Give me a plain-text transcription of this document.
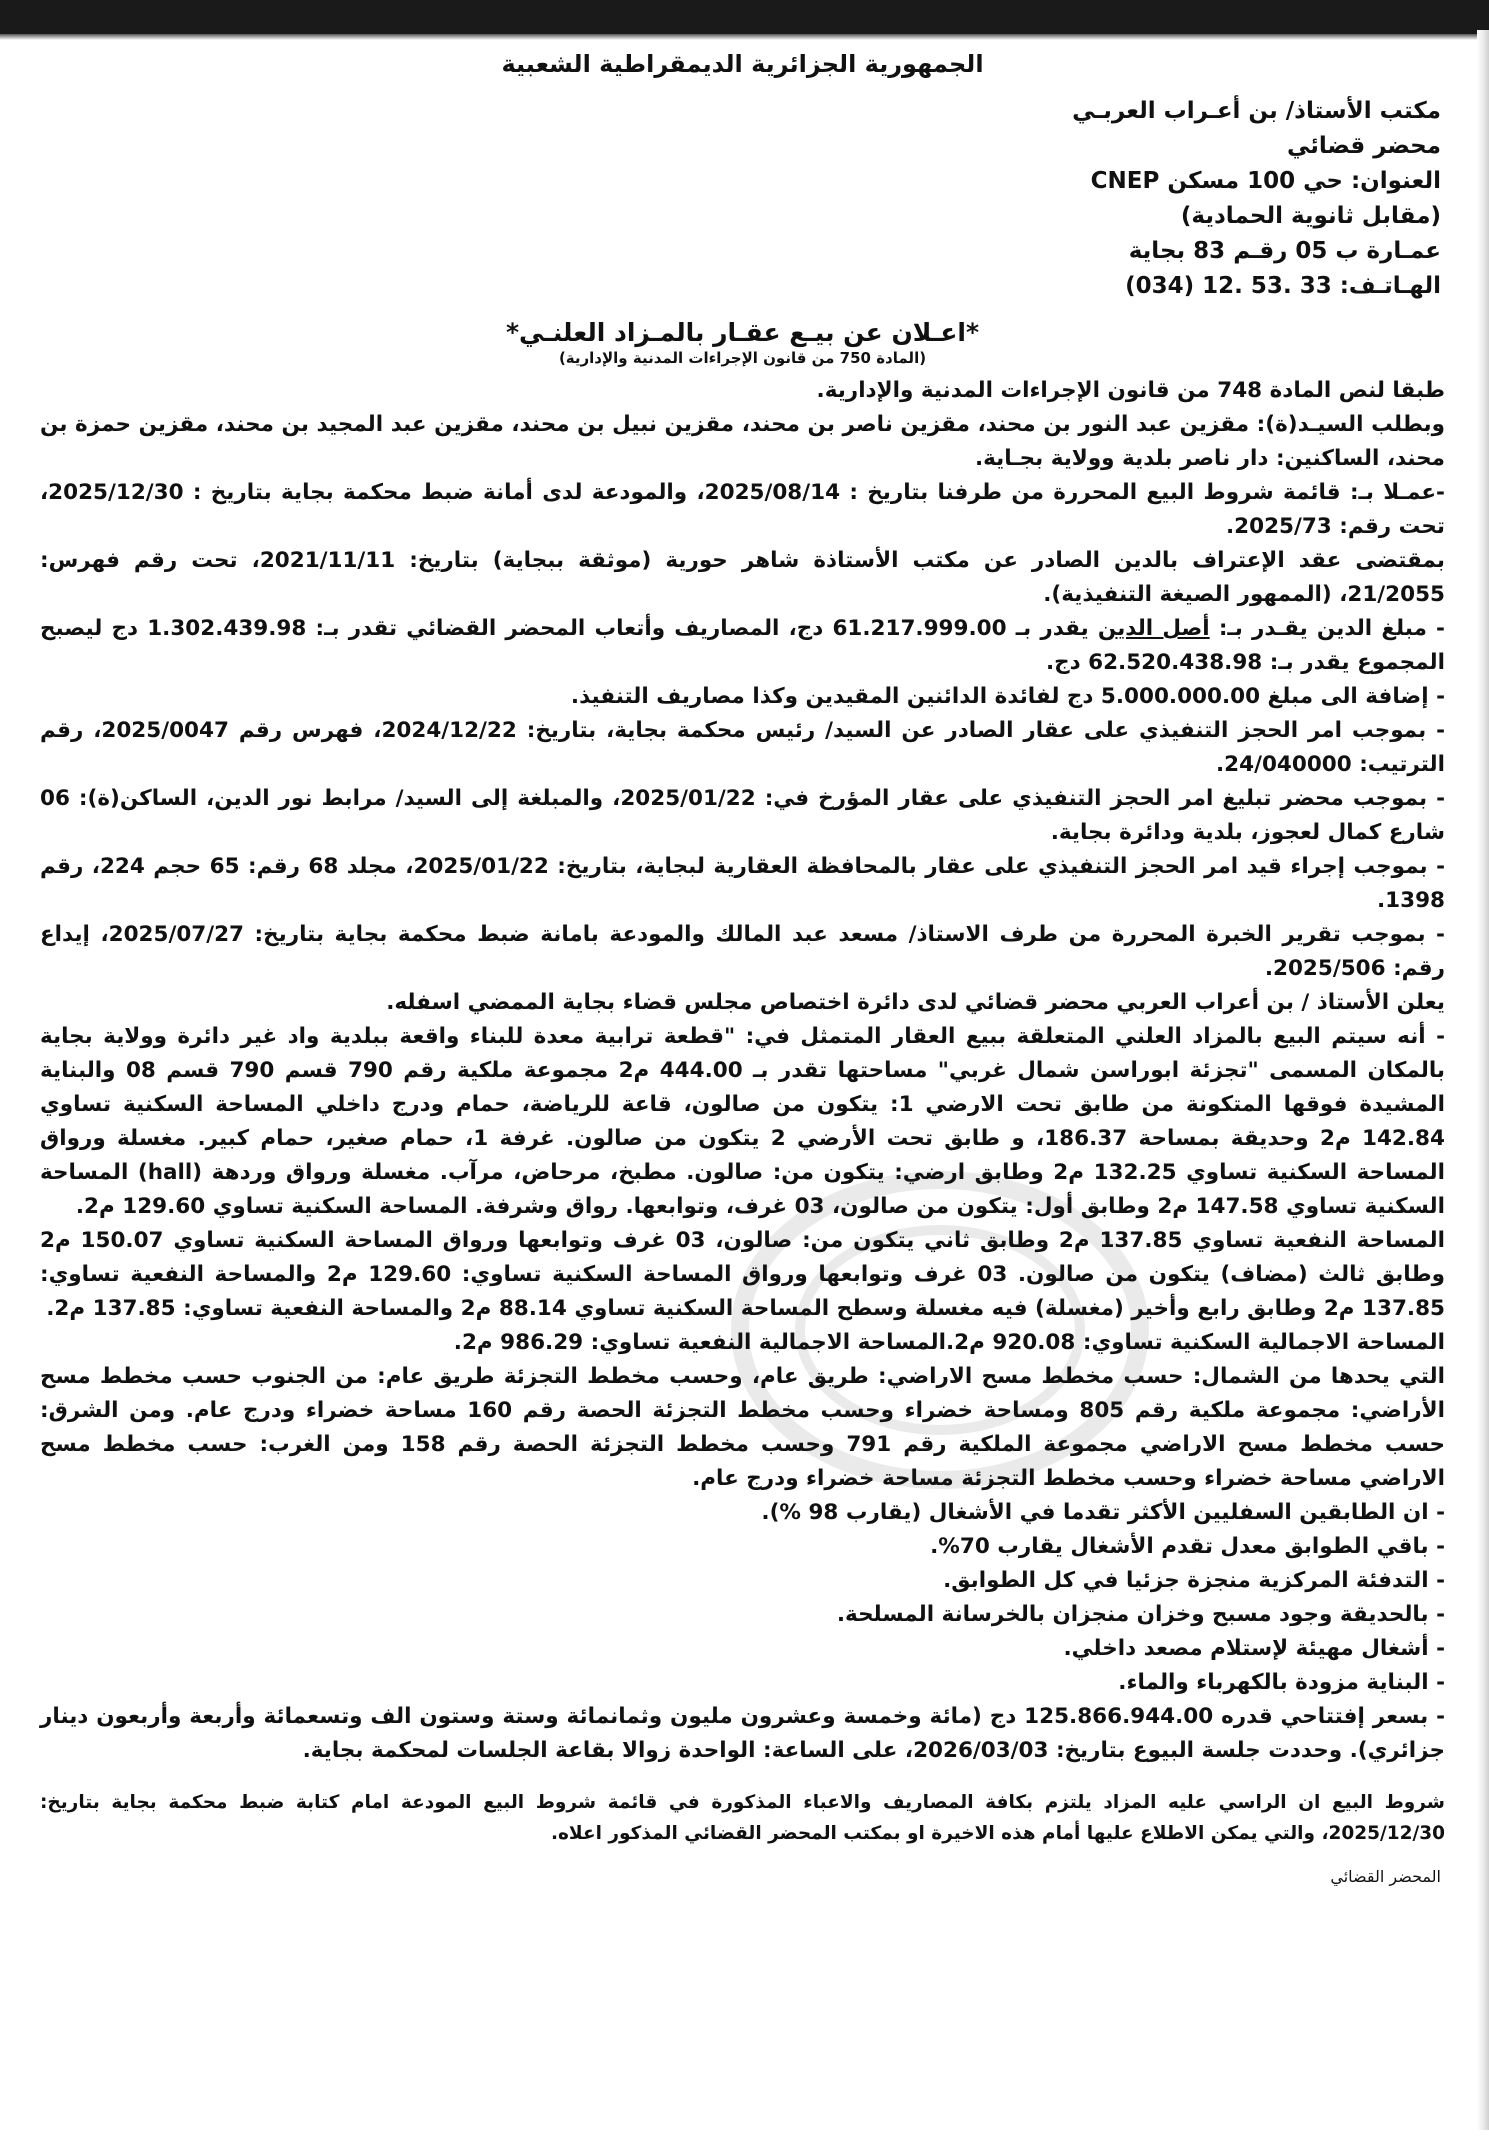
الجمهورية الجزائرية الديمقراطية الشعبية
مكتب الأستاذ/ بن أعـراب العربـي
محضر قضائي
العنوان: حي 100 مسكن CNEP
(مقابل ثانوية الحمادية)
عمـارة ب 05 رقـم 83 بجاية
الهـاتـف: 33 .53 .12 (034)
*اعـلان عن بيـع عقـار بالمـزاد العلنـي*
(المادة 750 من قانون الإجراءات المدنية والإدارية)

طبقا لنص المادة 748 من قانون الإجراءات المدنية والإدارية.

وبطلب السيـد(ة): مقزين عبد النور بن محند، مقزين ناصر بن محند، مقزين نبيل بن محند، مقزين عبد المجيد بن محند، مقزين حمزة بن محند، الساكنين: دار ناصر بلدية وولاية بجـاية.

-عمـلا بـ: قائمة شروط البيع المحررة من طرفنا بتاريخ : 2025/08/14، والمودعة لدى أمانة ضبط محكمة بجاية بتاريخ : 2025/12/30، تحت رقم: 2025/73.

بمقتضى عقد الإعتراف بالدين الصادر عن مكتب الأستاذة شاهر حورية (موثقة ببجاية) بتاريخ: 2021/11/11، تحت رقم فهرس: 21/2055، (الممهور الصيغة التنفيذية).

- مبلغ الدين يقـدر بـ: أصل الدين يقدر بـ 61.217.999.00 دج، المصاريف وأتعاب المحضر القضائي تقدر بـ: 1.302.439.98 دج ليصبح المجموع يقدر بـ: 62.520.438.98 دج.

- إضافة الى مبلغ 5.000.000.00 دج لفائدة الدائنين المقيدين وكذا مصاريف التنفيذ.

- بموجب امر الحجز التنفيذي على عقار الصادر عن السيد/ رئيس محكمة بجاية، بتاريخ: 2024/12/22، فهرس رقم 2025/0047، رقم الترتيب: 24/040000.

- بموجب محضر تبليغ امر الحجز التنفيذي على عقار المؤرخ في: 2025/01/22، والمبلغة إلى السيد/ مرابط نور الدين، الساكن(ة): 06 شارع كمال لعجوز، بلدية ودائرة بجاية.

- بموجب إجراء قيد امر الحجز التنفيذي على عقار بالمحافظة العقارية لبجاية، بتاريخ: 2025/01/22، مجلد 68 رقم: 65 حجم 224، رقم 1398.

- بموجب تقرير الخبرة المحررة من طرف الاستاذ/ مسعد عبد المالك والمودعة بامانة ضبط محكمة بجاية بتاريخ: 2025/07/27، إيداع رقم: 2025/506.

يعلن الأستاذ / بن أعراب العربي محضر قضائي لدى دائرة اختصاص مجلس قضاء بجاية الممضي اسفله.

- أنه سيتم البيع بالمزاد العلني المتعلقة ببيع العقار المتمثل في: "قطعة ترابية معدة للبناء واقعة ببلدية واد غير دائرة وولاية بجاية بالمكان المسمى "تجزئة ابوراسن شمال غربي" مساحتها تقدر بـ 444.00 م2 مجموعة ملكية رقم 790 قسم 790 قسم 08 والبناية المشيدة فوقها المتكونة من طابق تحت الارضي 1: يتكون من صالون، قاعة للرياضة، حمام ودرج داخلي المساحة السكنية تساوي 142.84 م2 وحديقة بمساحة 186.37، و طابق تحت الأرضي 2 يتكون من صالون. غرفة 1، حمام صغير، حمام كبير. مغسلة ورواق المساحة السكنية تساوي 132.25 م2 وطابق ارضي: يتكون من: صالون. مطبخ، مرحاض، مرآب. مغسلة ورواق وردهة (hall) المساحة السكنية تساوي 147.58 م2 وطابق أول: يتكون من صالون، 03 غرف، وتوابعها. رواق وشرفة. المساحة السكنية تساوي 129.60 م2.

المساحة النفعية تساوي 137.85 م2 وطابق ثاني يتكون من: صالون، 03 غرف وتوابعها ورواق المساحة السكنية تساوي 150.07 م2 وطابق ثالث (مضاف) يتكون من صالون. 03 غرف وتوابعها ورواق المساحة السكنية تساوي: 129.60 م2 والمساحة النفعية تساوي: 137.85 م2 وطابق رابع وأخير (مغسلة) فيه مغسلة وسطح المساحة السكنية تساوي 88.14 م2 والمساحة النفعية تساوي: 137.85 م2.

المساحة الاجمالية السكنية تساوي: 920.08 م2.المساحة الاجمالية النفعية تساوي: 986.29 م2.

التي يحدها من الشمال: حسب مخطط مسح الاراضي: طريق عام، وحسب مخطط التجزئة طريق عام: من الجنوب حسب مخطط مسح الأراضي: مجموعة ملكية رقم 805 ومساحة خضراء وحسب مخطط التجزئة الحصة رقم 160 مساحة خضراء ودرج عام. ومن الشرق: حسب مخطط مسح الاراضي مجموعة الملكية رقم 791 وحسب مخطط التجزئة الحصة رقم 158 ومن الغرب: حسب مخطط مسح الاراضي مساحة خضراء وحسب مخطط التجزئة مساحة خضراء ودرج عام.

- ان الطابقين السفليين الأكثر تقدما في الأشغال (يقارب 98 %).

- باقي الطوابق معدل تقدم الأشغال يقارب 70%.

- التدفئة المركزية منجزة جزئيا في كل الطوابق.

- بالحديقة وجود مسبح وخزان منجزان بالخرسانة المسلحة.

- أشغال مهيئة لإستلام مصعد داخلي.

- البناية مزودة بالكهرباء والماء.

- بسعر إفتتاحي قدره 125.866.944.00 دج (مائة وخمسة وعشرون مليون وثمانمائة وستة وستون الف وتسعمائة وأربعة وأربعون دينار جزائري). وحددت جلسة البيوع بتاريخ: 2026/03/03، على الساعة: الواحدة زوالا بقاعة الجلسات لمحكمة بجاية.

شروط البيع ان الراسي عليه المزاد يلتزم بكافة المصاريف والاعباء المذكورة في قائمة شروط البيع المودعة امام كتابة ضبط محكمة بجاية بتاريخ: 2025/12/30، والتي يمكن الاطلاع عليها أمام هذه الاخيرة او بمكتب المحضر القضائي المذكور اعلاه.

المحضر القضائي
